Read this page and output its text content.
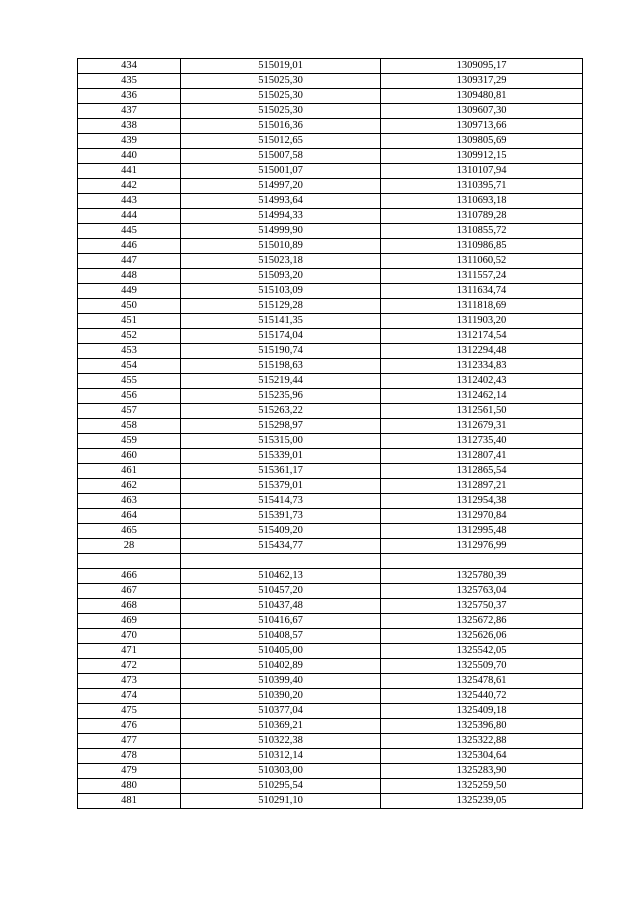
434	515019,01	1309095,17
435	515025,30	1309317,29
436	515025,30	1309480,81
437	515025,30	1309607,30
438	515016,36	1309713,66
439	515012,65	1309805,69
440	515007,58	1309912,15
441	515001,07	1310107,94
442	514997,20	1310395,71
443	514993,64	1310693,18
444	514994,33	1310789,28
445	514999,90	1310855,72
446	515010,89	1310986,85
447	515023,18	1311060,52
448	515093,20	1311557,24
449	515103,09	1311634,74
450	515129,28	1311818,69
451	515141,35	1311903,20
452	515174,04	1312174,54
453	515190,74	1312294,48
454	515198,63	1312334,83
455	515219,44	1312402,43
456	515235,96	1312462,14
457	515263,22	1312561,50
458	515298,97	1312679,31
459	515315,00	1312735,40
460	515339,01	1312807,41
461	515361,17	1312865,54
462	515379,01	1312897,21
463	515414,73	1312954,38
464	515391,73	1312970,84
465	515409,20	1312995,48
28	515434,77	1312976,99

466	510462,13	1325780,39
467	510457,20	1325763,04
468	510437,48	1325750,37
469	510416,67	1325672,86
470	510408,57	1325626,06
471	510405,00	1325542,05
472	510402,89	1325509,70
473	510399,40	1325478,61
474	510390,20	1325440,72
475	510377,04	1325409,18
476	510369,21	1325396,80
477	510322,38	1325322,88
478	510312,14	1325304,64
479	510303,00	1325283,90
480	510295,54	1325259,50
481	510291,10	1325239,05
